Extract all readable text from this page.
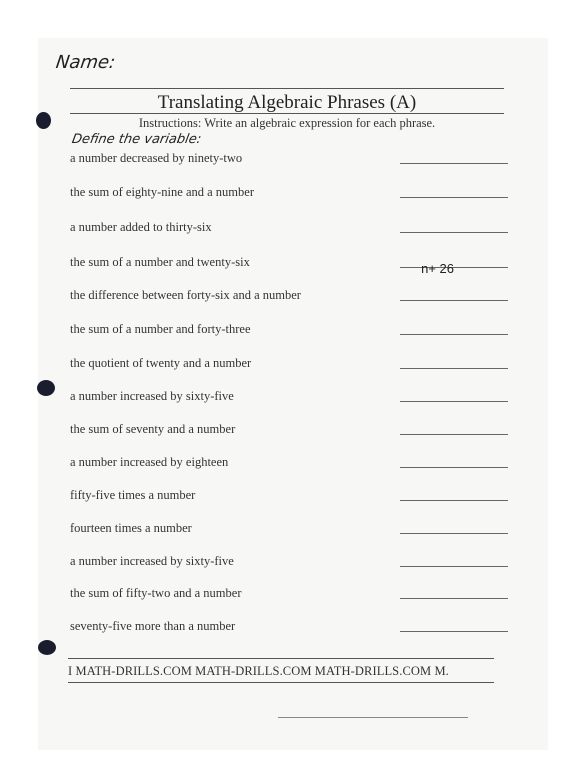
Name:
Translating Algebraic Phrases (A)
Instructions: Write an algebraic expression for each phrase.
Define the variable:
a number decreased by ninety-two
the sum of eighty-nine and a number
a number added to thirty-six
the sum of a number and twenty-six	n+ 26
the difference between forty-six and a number
the sum of a number and forty-three
the quotient of twenty and a number
a number increased by sixty-five
the sum of seventy and a number
a number increased by eighteen
fifty-five times a number
fourteen times a number
a number increased by sixty-five
the sum of fifty-two and a number
seventy-five more than a number
I MATH-DRILLS.COM MATH-DRILLS.COM MATH-DRILLS.COM M.
